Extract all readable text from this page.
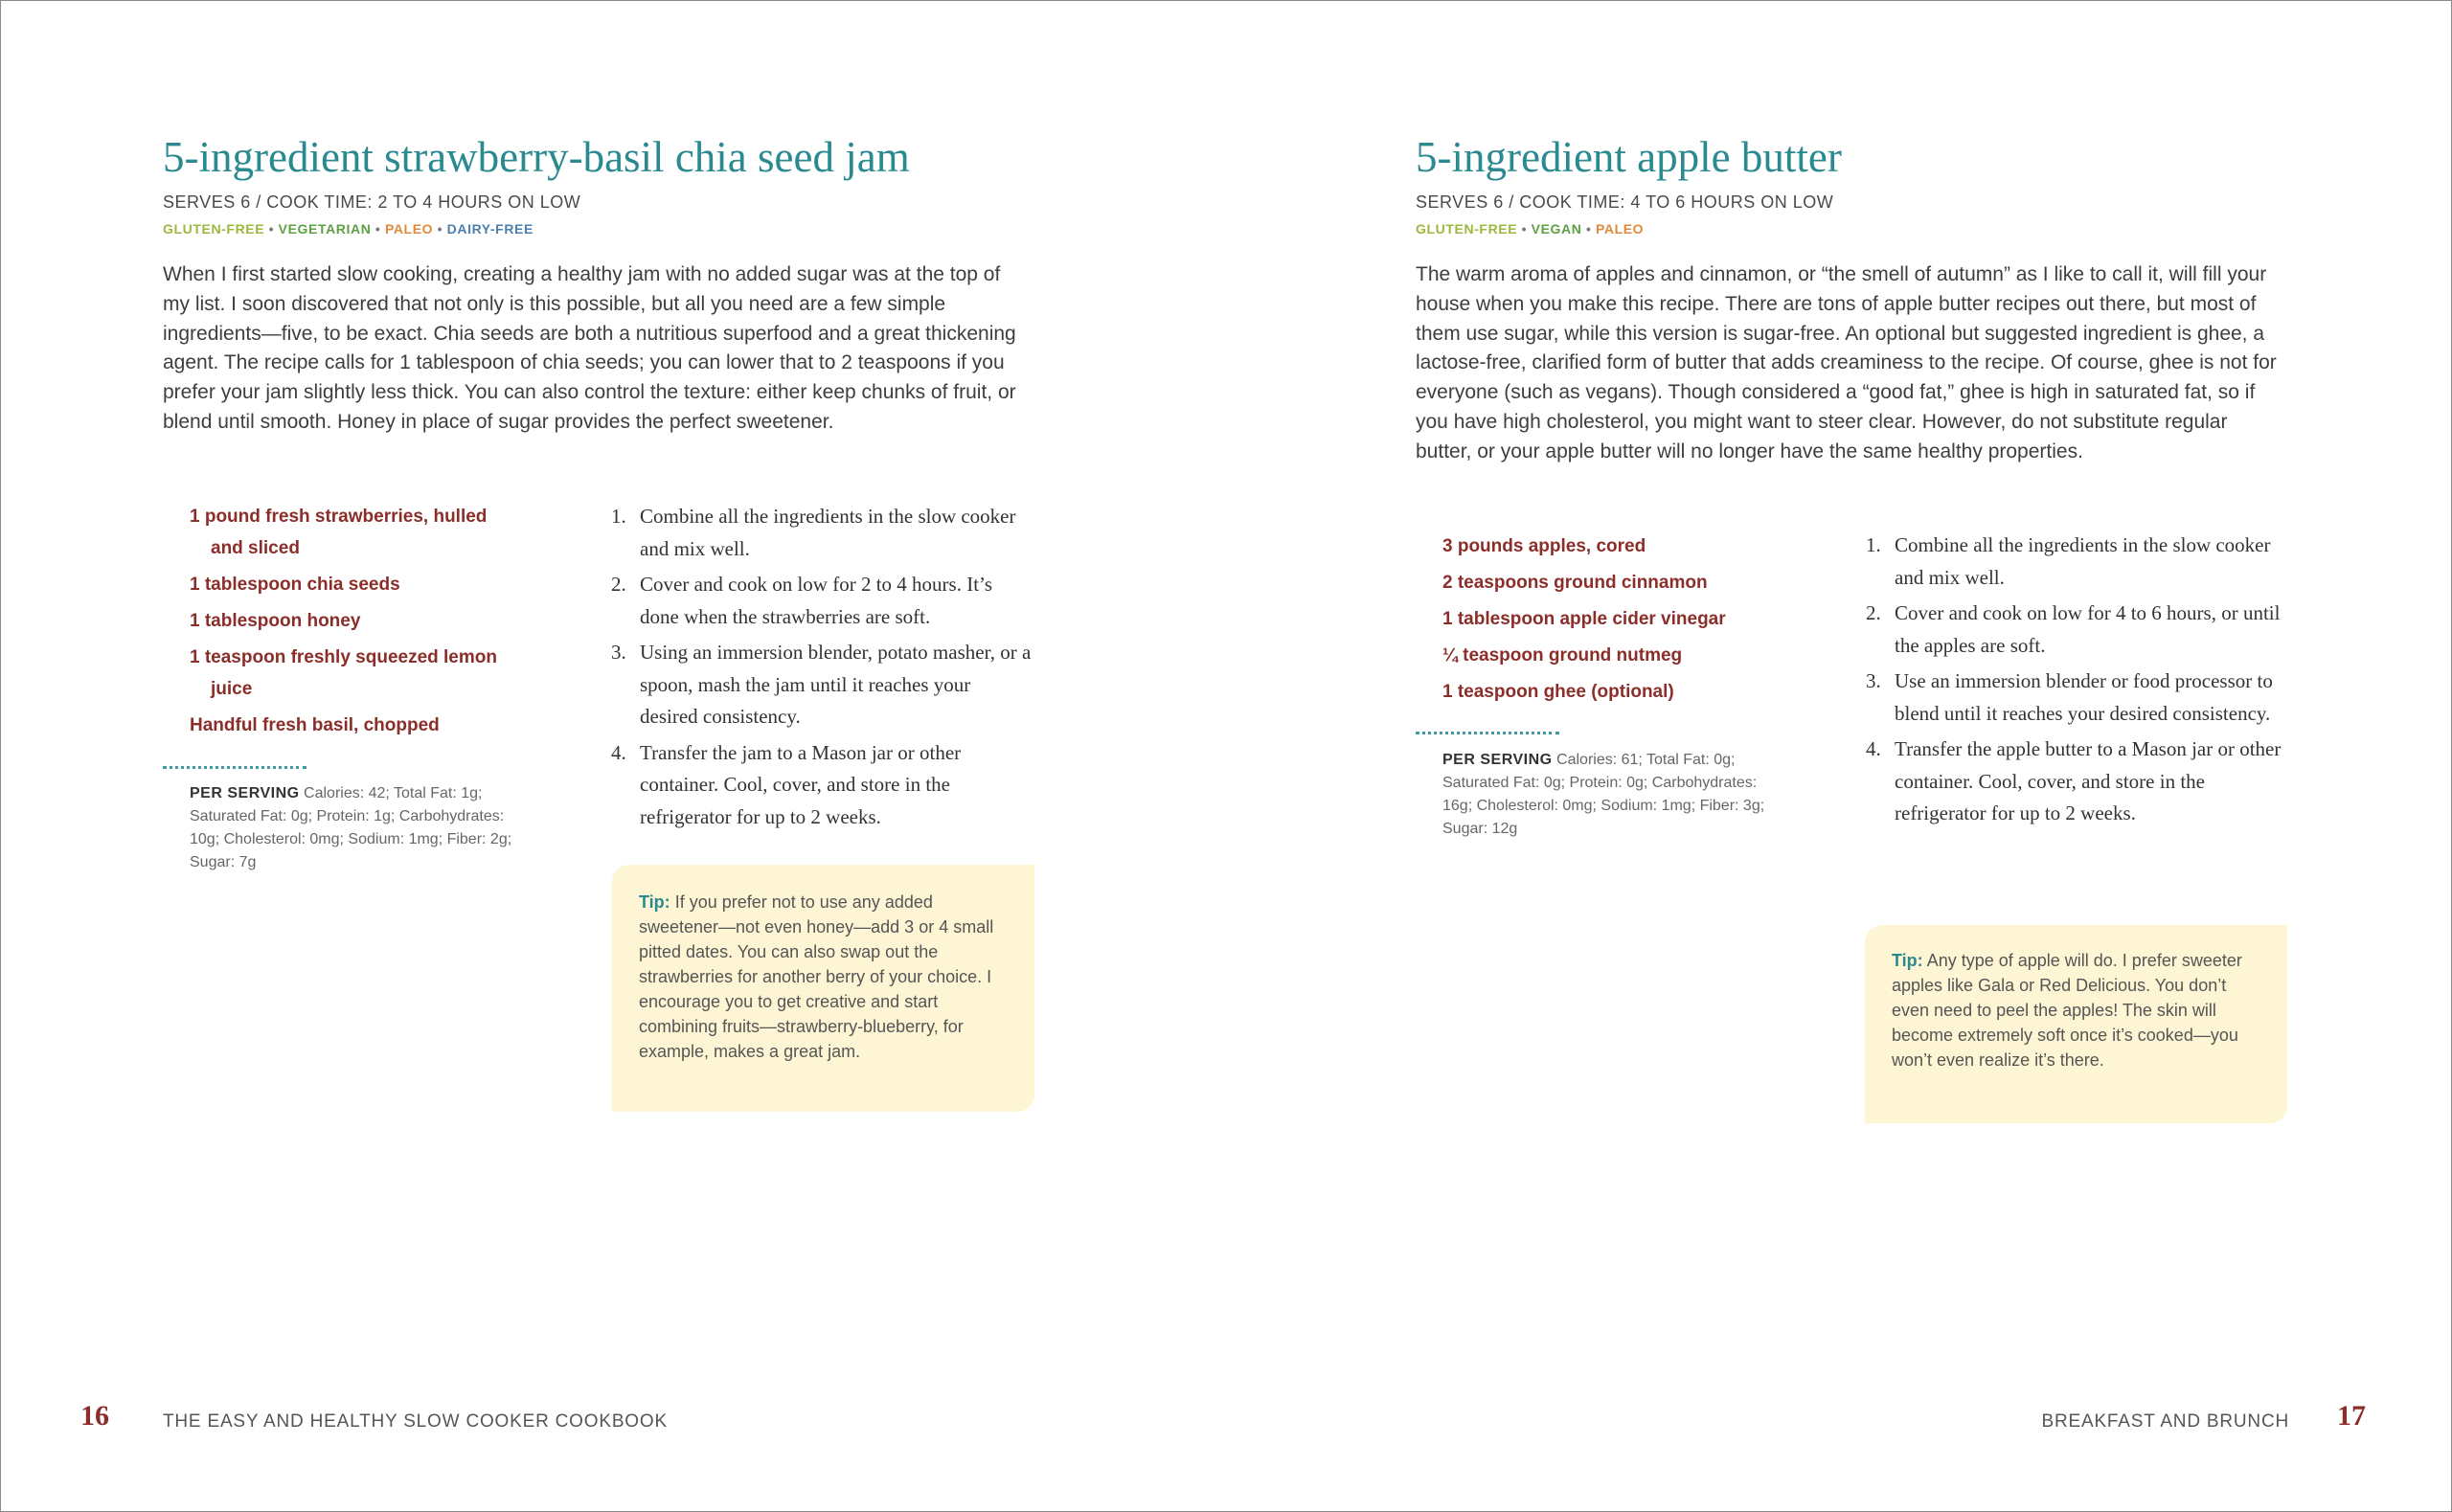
5-ingredient strawberry-basil chia seed jam
SERVES 6 / COOK TIME: 2 TO 4 HOURS ON LOW
GLUTEN-FREE • VEGETARIAN • PALEO • DAIRY-FREE

When I first started slow cooking, creating a healthy jam with no added sugar was at the top of my list. I soon discovered that not only is this possible, but all you need are a few simple ingredients—five, to be exact. Chia seeds are both a nutritious superfood and a great thickening agent. The recipe calls for 1 tablespoon of chia seeds; you can lower that to 2 teaspoons if you prefer your jam slightly less thick. You can also control the texture: either keep chunks of fruit, or blend until smooth. Honey in place of sugar provides the perfect sweetener.

1 pound fresh strawberries, hulled and sliced
1 tablespoon chia seeds
1 tablespoon honey
1 teaspoon freshly squeezed lemon juice
Handful fresh basil, chopped

PER SERVING Calories: 42; Total Fat: 1g; Saturated Fat: 0g; Protein: 1g; Carbohydrates: 10g; Cholesterol: 0mg; Sodium: 1mg; Fiber: 2g; Sugar: 7g

1. Combine all the ingredients in the slow cooker and mix well.
2. Cover and cook on low for 2 to 4 hours. It’s done when the strawberries are soft.
3. Using an immersion blender, potato masher, or a spoon, mash the jam until it reaches your desired consistency.
4. Transfer the jam to a Mason jar or other container. Cool, cover, and store in the refrigerator for up to 2 weeks.
Tip: If you prefer not to use any added sweetener—not even honey—add 3 or 4 small pitted dates. You can also swap out the strawberries for another berry of your choice. I encourage you to get creative and start combining fruits—strawberry-blueberry, for example, makes a great jam.
16	THE EASY AND HEALTHY SLOW COOKER COOKBOOK
5-ingredient apple butter
SERVES 6 / COOK TIME: 4 TO 6 HOURS ON LOW
GLUTEN-FREE • VEGAN • PALEO

The warm aroma of apples and cinnamon, or “the smell of autumn” as I like to call it, will fill your house when you make this recipe. There are tons of apple butter recipes out there, but most of them use sugar, while this version is sugar-free. An optional but suggested ingredient is ghee, a lactose-free, clarified form of butter that adds creaminess to the recipe. Of course, ghee is not for everyone (such as vegans). Though considered a “good fat,” ghee is high in saturated fat, so if you have high cholesterol, you might want to steer clear. However, do not substitute regular butter, or your apple butter will no longer have the same healthy properties.

3 pounds apples, cored
2 teaspoons ground cinnamon
1 tablespoon apple cider vinegar
¼ teaspoon ground nutmeg
1 teaspoon ghee (optional)

PER SERVING Calories: 61; Total Fat: 0g; Saturated Fat: 0g; Protein: 0g; Carbohydrates: 16g; Cholesterol: 0mg; Sodium: 1mg; Fiber: 3g; Sugar: 12g

1. Combine all the ingredients in the slow cooker and mix well.
2. Cover and cook on low for 4 to 6 hours, or until the apples are soft.
3. Use an immersion blender or food processor to blend until it reaches your desired consistency.
4. Transfer the apple butter to a Mason jar or other container. Cool, cover, and store in the refrigerator for up to 2 weeks.
Tip: Any type of apple will do. I prefer sweeter apples like Gala or Red Delicious. You don’t even need to peel the apples! The skin will become extremely soft once it’s cooked—you won’t even realize it’s there.
BREAKFAST AND BRUNCH 17
